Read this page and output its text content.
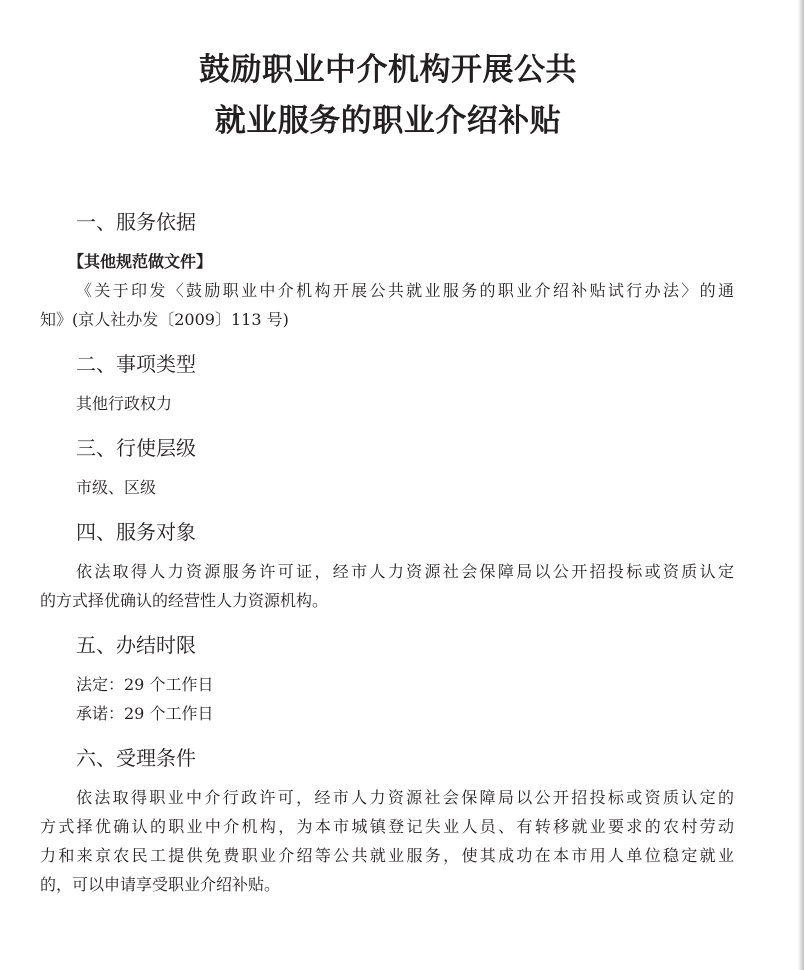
鼓励职业中介机构开展公共
就业服务的职业介绍补贴
一、服务依据
【其他规范做文件】
《关于印发〈鼓励职业中介机构开展公共就业服务的职业介绍补贴试行办法〉的通
知》(京人社办发〔2009〕113 号)
二、事项类型
其他行政权力
三、行使层级
市级、区级
四、服务对象
依法取得人力资源服务许可证，经市人力资源社会保障局以公开招投标或资质认定
的方式择优确认的经营性人力资源机构。
五、办结时限
法定：29 个工作日
承诺：29 个工作日
六、受理条件
依法取得职业中介行政许可，经市人力资源社会保障局以公开招投标或资质认定的
方式择优确认的职业中介机构，为本市城镇登记失业人员、有转移就业要求的农村劳动
力和来京农民工提供免费职业介绍等公共就业服务，使其成功在本市用人单位稳定就业
的，可以申请享受职业介绍补贴。
